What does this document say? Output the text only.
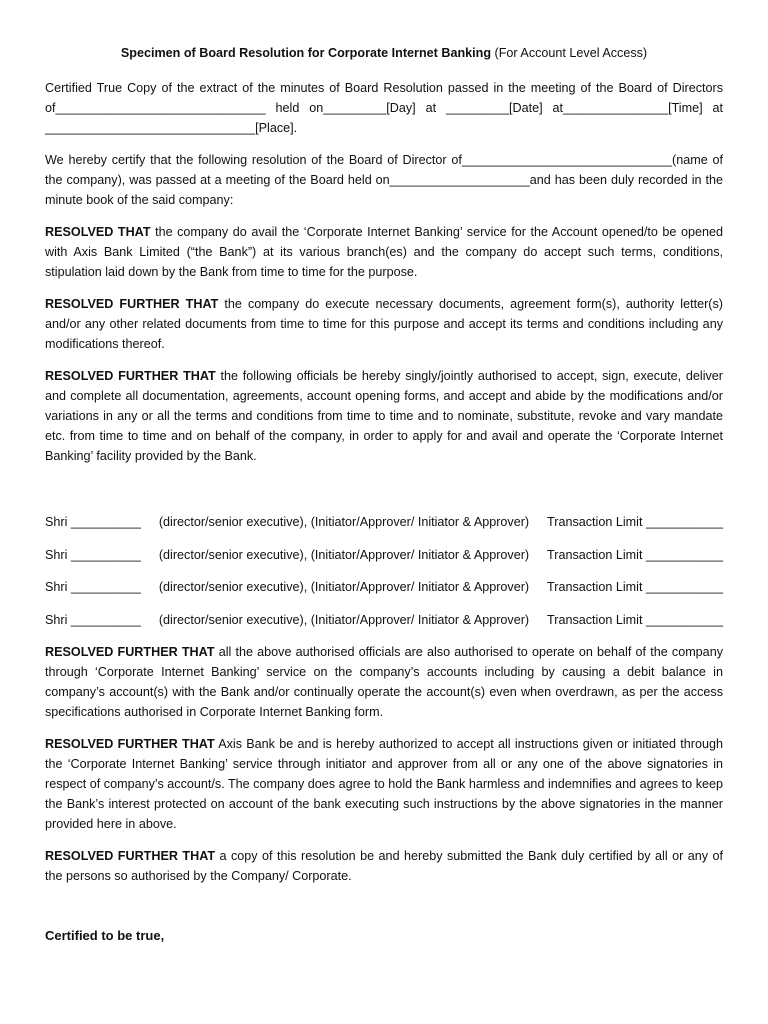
Specimen of Board Resolution for Corporate Internet Banking (For Account Level Access)

Certified True Copy of the extract of the minutes of Board Resolution passed in the meeting of the Board of Directors of______________________________ held on_________[Day] at _________[Date] at_______________[Time] at ______________________________[Place].

We hereby certify that the following resolution of the Board of Director of______________________________(name of the company), was passed at a meeting of the Board held on____________________and has been duly recorded in the minute book of the said company:

RESOLVED THAT the company do avail the ‘Corporate Internet Banking’ service for the Account opened/to be opened with Axis Bank Limited (“the Bank”) at its various branch(es) and the company do accept such terms, conditions, stipulation laid down by the Bank from time to time for the purpose.

RESOLVED FURTHER THAT the company do execute necessary documents, agreement form(s), authority letter(s) and/or any other related documents from time to time for this purpose and accept its terms and conditions including any modifications thereof.

RESOLVED FURTHER THAT the following officials be hereby singly/jointly authorised to accept, sign, execute, deliver and complete all documentation, agreements, account opening forms, and accept and abide by the modifications and/or variations in any or all the terms and conditions from time to time and to nominate, substitute, revoke and vary mandate etc. from time to time and on behalf of the company, in order to apply for and avail and operate the ‘Corporate Internet Banking’ facility provided by the Bank.

Shri __________ (director/senior executive), (Initiator/Approver/ Initiator & Approver) Transaction Limit ___________
Shri __________ (director/senior executive), (Initiator/Approver/ Initiator & Approver) Transaction Limit ___________
Shri __________ (director/senior executive), (Initiator/Approver/ Initiator & Approver) Transaction Limit ___________
Shri __________ (director/senior executive), (Initiator/Approver/ Initiator & Approver) Transaction Limit ___________

RESOLVED FURTHER THAT all the above authorised officials are also authorised to operate on behalf of the company through ‘Corporate Internet Banking’ service on the company’s accounts including by causing a debit balance in company’s account(s) with the Bank and/or continually operate the account(s) even when overdrawn, as per the access specifications authorised in Corporate Internet Banking form.

RESOLVED FURTHER THAT Axis Bank be and is hereby authorized to accept all instructions given or initiated through the ‘Corporate Internet Banking’ service through initiator and approver from all or any one of the above signatories in respect of company’s account/s. The company does agree to hold the Bank harmless and indemnifies and agrees to keep the Bank’s interest protected on account of the bank executing such instructions by the above signatories in the manner provided here in above.

RESOLVED FURTHER THAT a copy of this resolution be and hereby submitted the Bank duly certified by all or any of the persons so authorised by the Company/ Corporate.

Certified to be true,
